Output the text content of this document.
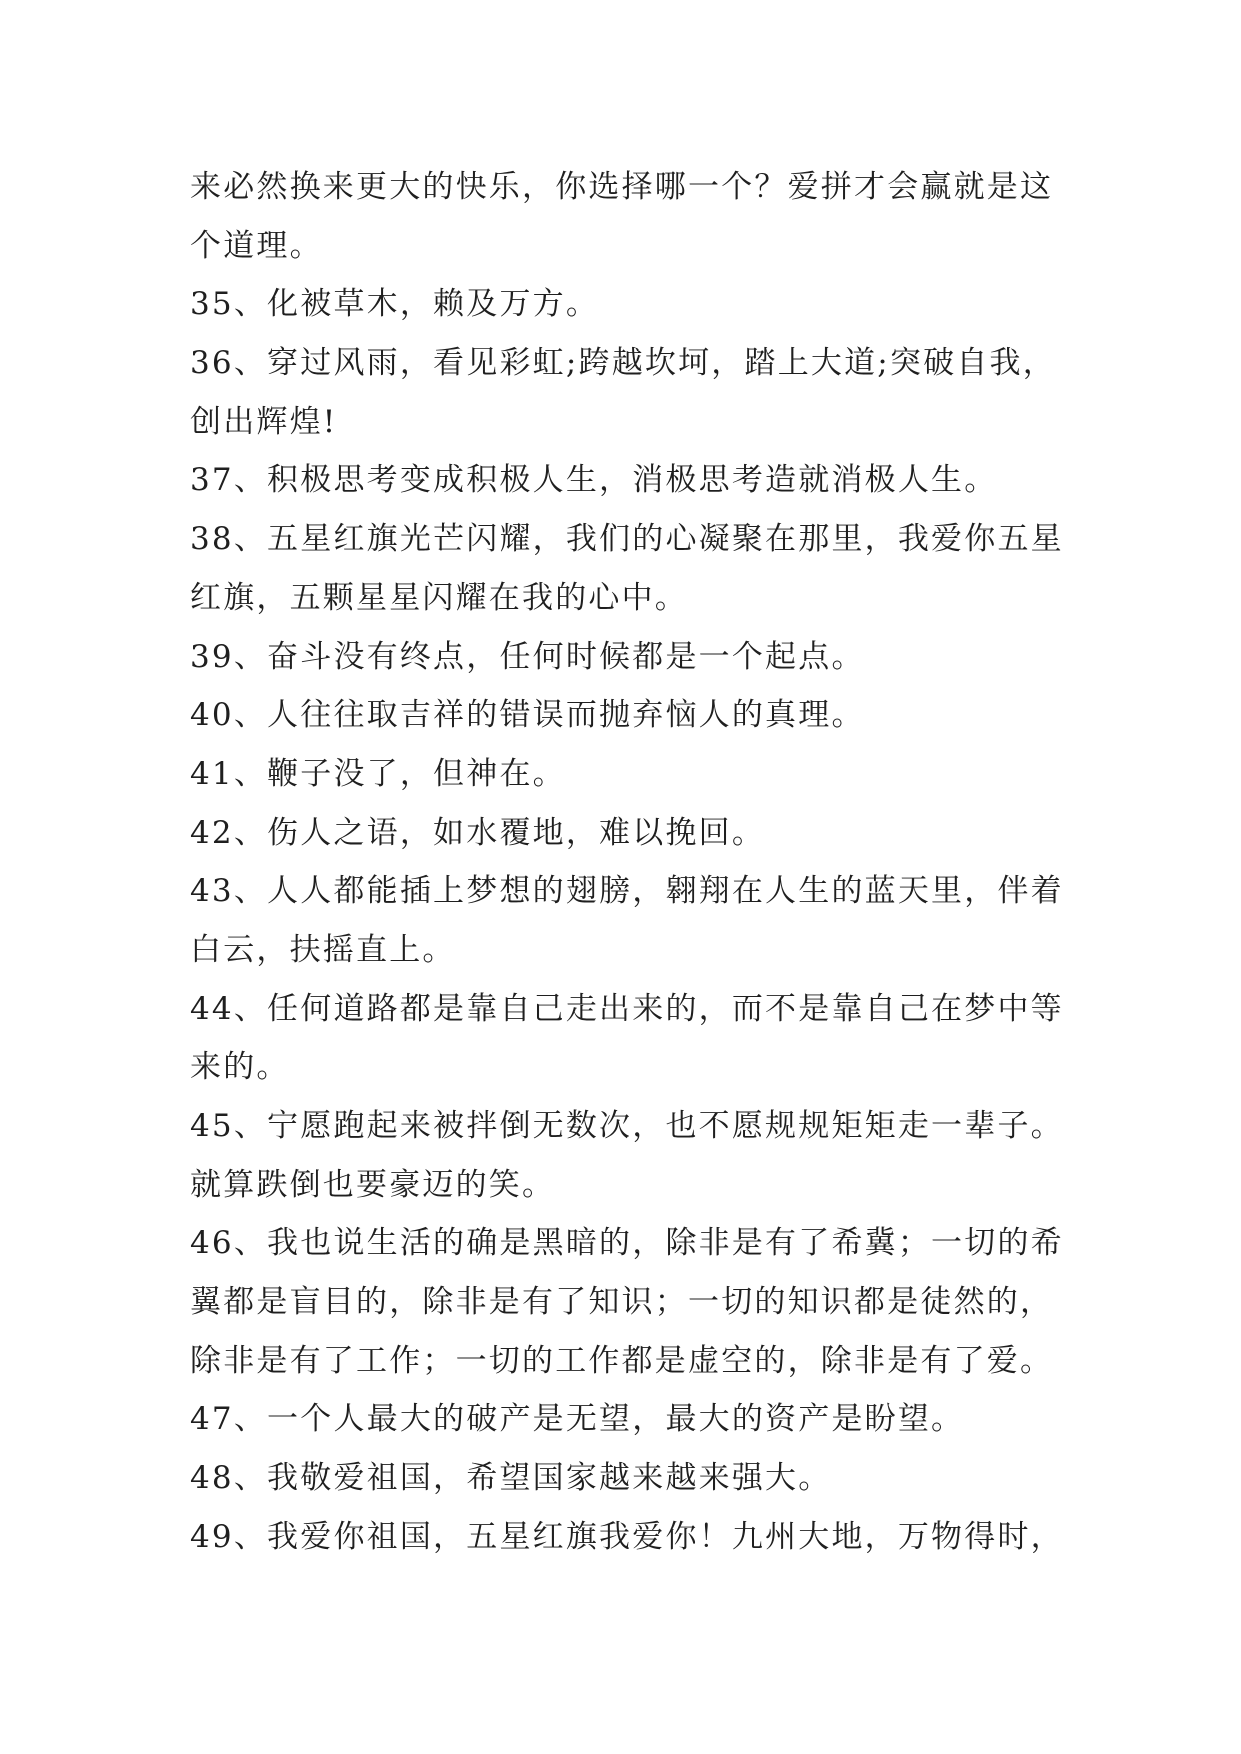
来必然换来更大的快乐，你选择哪一个？爱拼才会赢就是这
个道理。
35、化被草木，赖及万方。
36、穿过风雨，看见彩虹;跨越坎坷，踏上大道;突破自我，
创出辉煌!
37、积极思考变成积极人生，消极思考造就消极人生。
38、五星红旗光芒闪耀，我们的心凝聚在那里，我爱你五星
红旗，五颗星星闪耀在我的心中。
39、奋斗没有终点，任何时候都是一个起点。
40、人往往取吉祥的错误而抛弃恼人的真理。
41、鞭子没了，但神在。
42、伤人之语，如水覆地，难以挽回。
43、人人都能插上梦想的翅膀，翱翔在人生的蓝天里，伴着
白云，扶摇直上。
44、任何道路都是靠自己走出来的，而不是靠自己在梦中等
来的。
45、宁愿跑起来被拌倒无数次，也不愿规规矩矩走一辈子。
就算跌倒也要豪迈的笑。
46、我也说生活的确是黑暗的，除非是有了希冀；一切的希
翼都是盲目的，除非是有了知识；一切的知识都是徒然的，
除非是有了工作；一切的工作都是虚空的，除非是有了爱。
47、一个人最大的破产是无望，最大的资产是盼望。
48、我敬爱祖国，希望国家越来越来强大。
49、我爱你祖国，五星红旗我爱你！九州大地，万物得时，
